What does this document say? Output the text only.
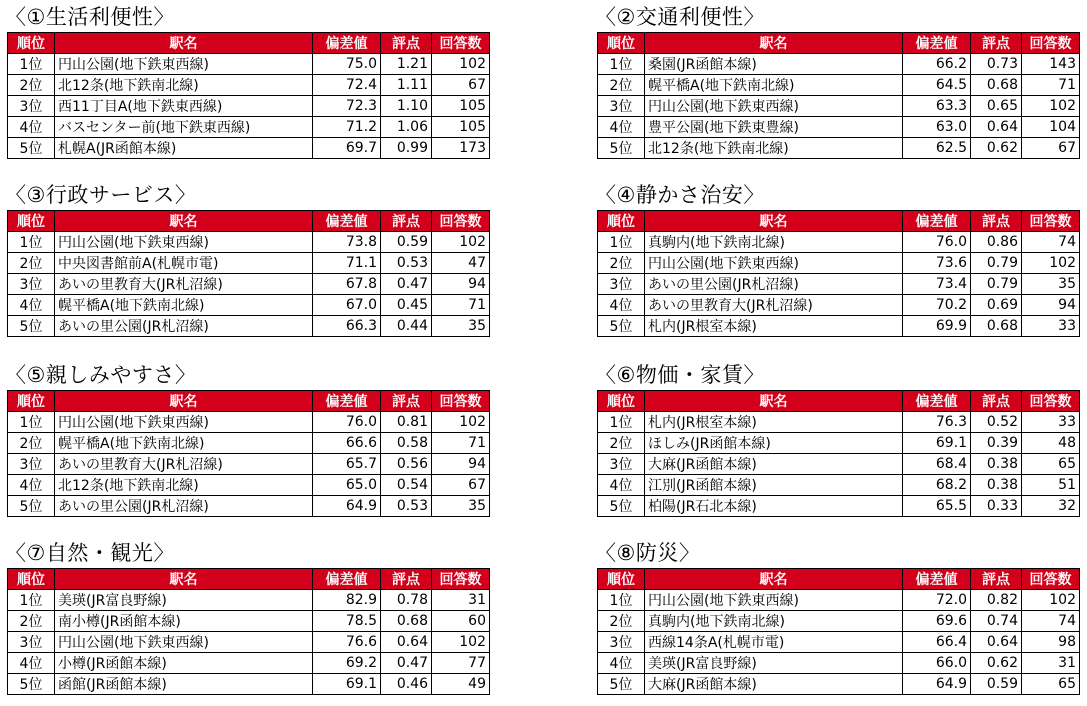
〈①生活利便性〉
順位	駅名	偏差値	評点	回答数
1位	円山公園(地下鉄東西線)	75.0	1.21	102
2位	北12条(地下鉄南北線)	72.4	1.11	67
3位	西11丁目A(地下鉄東西線)	72.3	1.10	105
4位	バスセンター前(地下鉄東西線)	71.2	1.06	105
5位	札幌A(JR函館本線)	69.7	0.99	173
〈②交通利便性〉
順位	駅名	偏差値	評点	回答数
1位	桑園(JR函館本線)	66.2	0.73	143
2位	幌平橋A(地下鉄南北線)	64.5	0.68	71
3位	円山公園(地下鉄東西線)	63.3	0.65	102
4位	豊平公園(地下鉄東豊線)	63.0	0.64	104
5位	北12条(地下鉄南北線)	62.5	0.62	67
〈③行政サービス〉
順位	駅名	偏差値	評点	回答数
1位	円山公園(地下鉄東西線)	73.8	0.59	102
2位	中央図書館前A(札幌市電)	71.1	0.53	47
3位	あいの里教育大(JR札沼線)	67.8	0.47	94
4位	幌平橋A(地下鉄南北線)	67.0	0.45	71
5位	あいの里公園(JR札沼線)	66.3	0.44	35
〈④静かさ治安〉
順位	駅名	偏差値	評点	回答数
1位	真駒内(地下鉄南北線)	76.0	0.86	74
2位	円山公園(地下鉄東西線)	73.6	0.79	102
3位	あいの里公園(JR札沼線)	73.4	0.79	35
4位	あいの里教育大(JR札沼線)	70.2	0.69	94
5位	札内(JR根室本線)	69.9	0.68	33
〈⑤親しみやすさ〉
順位	駅名	偏差値	評点	回答数
1位	円山公園(地下鉄東西線)	76.0	0.81	102
2位	幌平橋A(地下鉄南北線)	66.6	0.58	71
3位	あいの里教育大(JR札沼線)	65.7	0.56	94
4位	北12条(地下鉄南北線)	65.0	0.54	67
5位	あいの里公園(JR札沼線)	64.9	0.53	35
〈⑥物価・家賃〉
順位	駅名	偏差値	評点	回答数
1位	札内(JR根室本線)	76.3	0.52	33
2位	ほしみ(JR函館本線)	69.1	0.39	48
3位	大麻(JR函館本線)	68.4	0.38	65
4位	江別(JR函館本線)	68.2	0.38	51
5位	柏陽(JR石北本線)	65.5	0.33	32
〈⑦自然・観光〉
順位	駅名	偏差値	評点	回答数
1位	美瑛(JR富良野線)	82.9	0.78	31
2位	南小樽(JR函館本線)	78.5	0.68	60
3位	円山公園(地下鉄東西線)	76.6	0.64	102
4位	小樽(JR函館本線)	69.2	0.47	77
5位	函館(JR函館本線)	69.1	0.46	49
〈⑧防災〉
順位	駅名	偏差値	評点	回答数
1位	円山公園(地下鉄東西線)	72.0	0.82	102
2位	真駒内(地下鉄南北線)	69.6	0.74	74
3位	西線14条A(札幌市電)	66.4	0.64	98
4位	美瑛(JR富良野線)	66.0	0.62	31
5位	大麻(JR函館本線)	64.9	0.59	65
